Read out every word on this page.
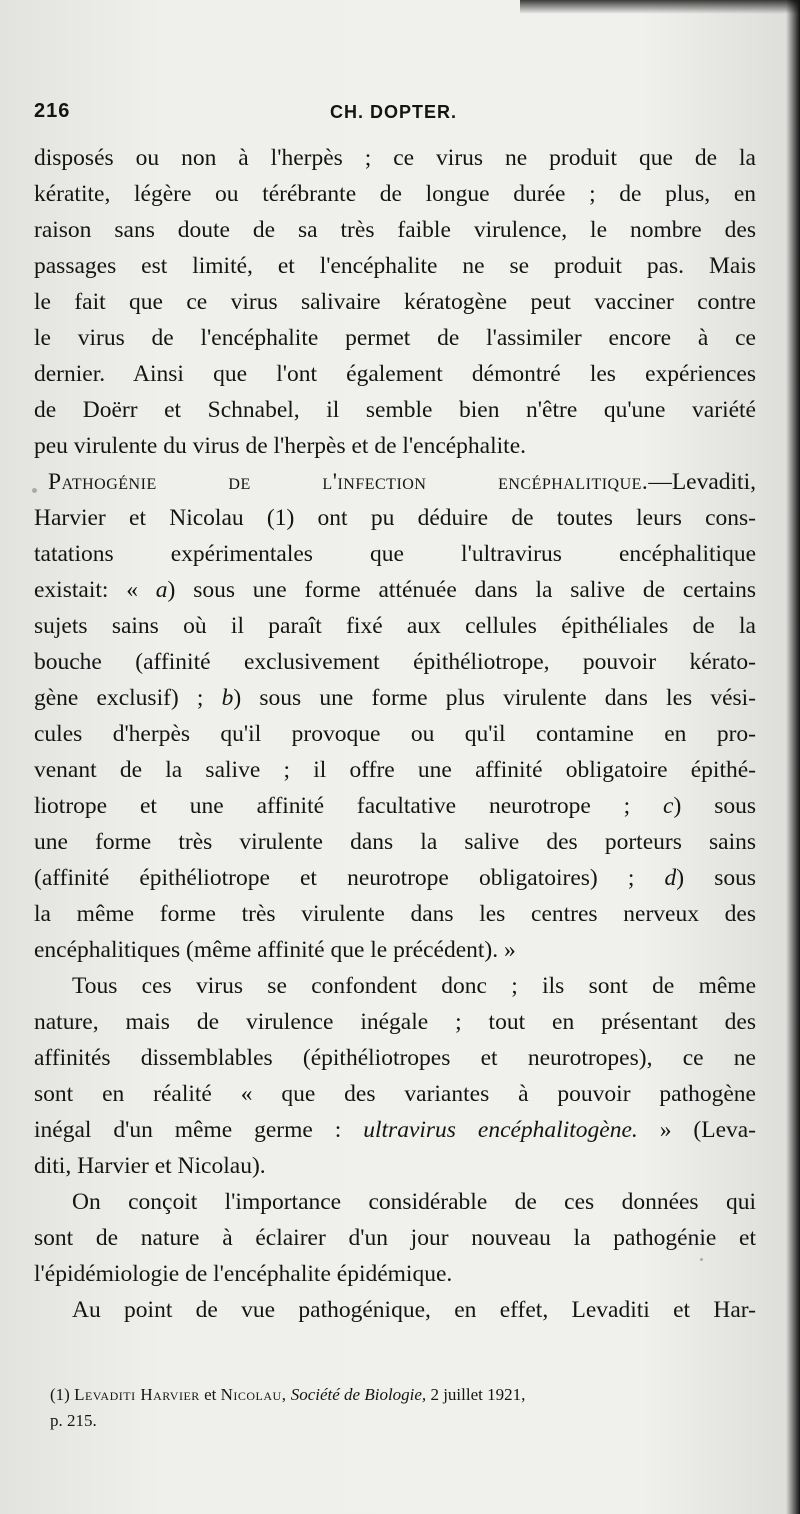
216	CH. DOPTER.
disposés ou non à l'herpès ; ce virus ne produit que de la
kératite, légère ou térébrante de longue durée ; de plus, en
raison sans doute de sa très faible virulence, le nombre des
passages est limité, et l'encéphalite ne se produit pas. Mais
le fait que ce virus salivaire kératogène peut vacciner contre
le virus de l'encéphalite permet de l'assimiler encore à ce
dernier. Ainsi que l'ont également démontré les expériences
de Doërr et Schnabel, il semble bien n'être qu'une variété
peu virulente du virus de l'herpès et de l'encéphalite.
Pathogénie de l'infection encéphalitique.—Levaditi,
Harvier et Nicolau (1) ont pu déduire de toutes leurs cons-
tatations expérimentales que l'ultravirus encéphalitique
existait: « a) sous une forme atténuée dans la salive de certains
sujets sains où il paraît fixé aux cellules épithéliales de la
bouche (affinité exclusivement épithéliotrope, pouvoir kérato-
gène exclusif) ; b) sous une forme plus virulente dans les vési-
cules d'herpès qu'il provoque ou qu'il contamine en pro-
venant de la salive ; il offre une affinité obligatoire épithé-
liotrope et une affinité facultative neurotrope ; c) sous
une forme très virulente dans la salive des porteurs sains
(affinité épithéliotrope et neurotrope obligatoires) ; d) sous
la même forme très virulente dans les centres nerveux des
encéphalitiques (même affinité que le précédent). »
Tous ces virus se confondent donc ; ils sont de même
nature, mais de virulence inégale ; tout en présentant des
affinités dissemblables (épithéliotropes et neurotropes), ce ne
sont en réalité « que des variantes à pouvoir pathogène
inégal d'un même germe : ultravirus encéphalitogène. » (Leva-
diti, Harvier et Nicolau).
On conçoit l'importance considérable de ces données qui
sont de nature à éclairer d'un jour nouveau la pathogénie et
l'épidémiologie de l'encéphalite épidémique.
Au point de vue pathogénique, en effet, Levaditi et Har-
(1) Levaditi Harvier et Nicolau, Société de Biologie, 2 juillet 1921,
p. 215.
